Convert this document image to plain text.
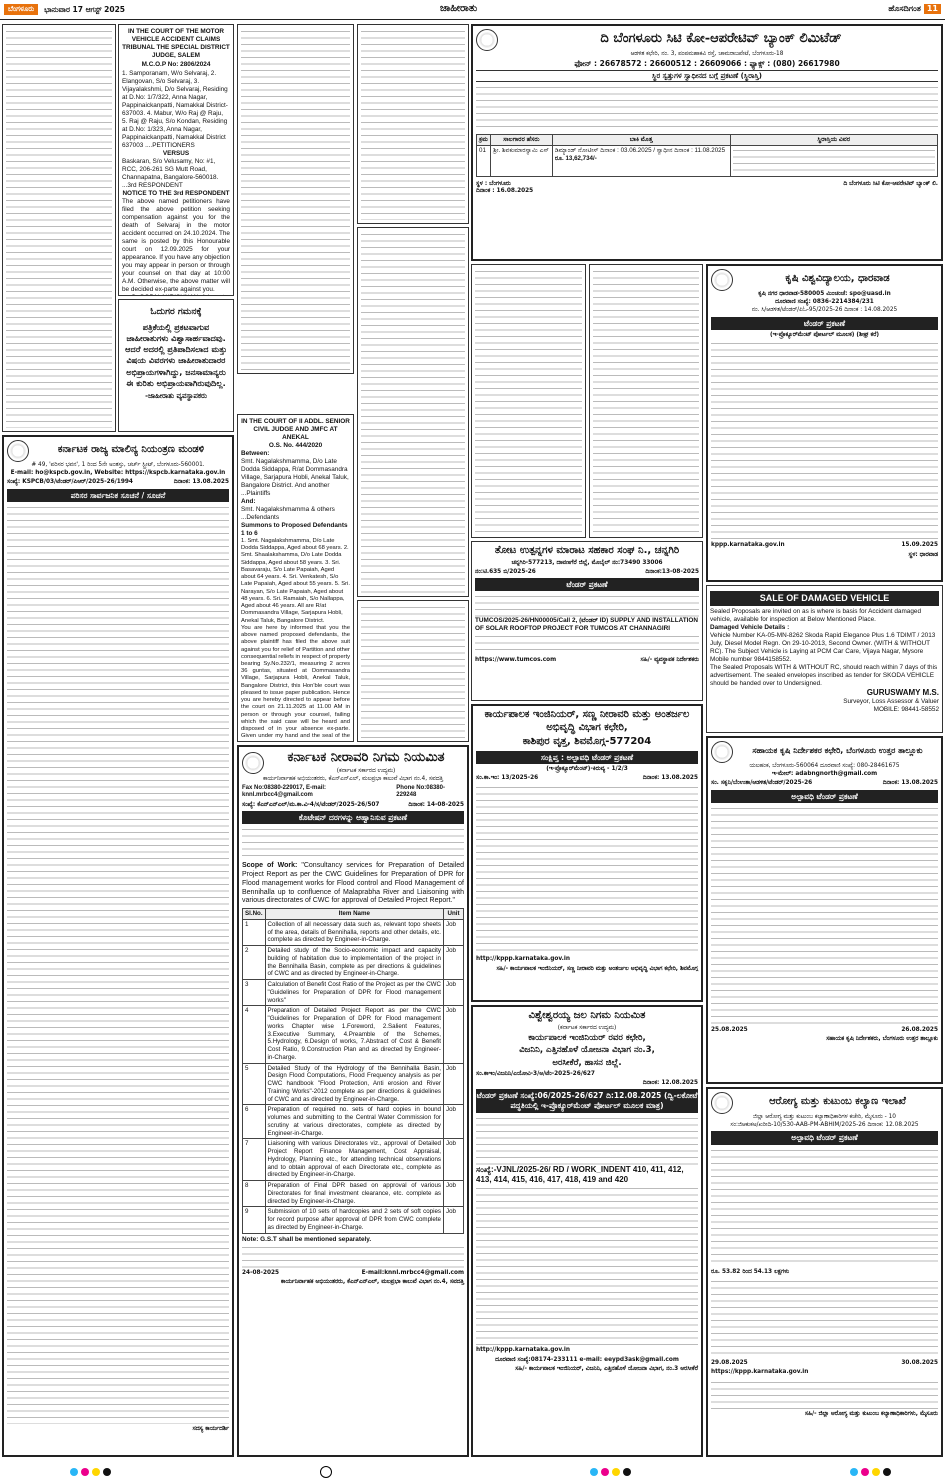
ಬೆಂಗಳೂರು	ಭಾನುವಾರ 17 ಆಗಸ್ಟ್ 2025	ಜಾಹೀರಾತು	ಹೊಸದಿಗಂತ 11
IN THE COURT OF THE MOTOR VEHICLE ACCIDENT CLAIMS TRIBUNAL THE SPECIAL DISTRICT JUDGE, SALEM
M.C.O.P No: 2806/2024
1. Samporanam, W/o Selvaraj, 2. Elangovan, S/o Selvaraj, 3. Vijayalakshmi, D/o Selvaraj, Residing at D.No: 1/7/322, Anna Nagar, Pappinaickanpatti, Namakkal District-637003. 4. Mabur, W/o Raj @ Raju, 5. Raj @ Raju, S/o Kondan, Residing at D.No: 1/323, Anna Nagar, Pappinaickanpatti, Namakkal District 637003 ....PETITIONERS
VERSUS
Baskaran, S/o Velusamy, No: #1, RCC, 206-261 SG Mutt Road, Channapatna, Bangalore-560018. ...3rd RESPONDENT
NOTICE TO THE 3rd RESPONDENT
The above named petitioners have filed the above petition seeking compensation against you for the death of Selvaraj in the motor accident occurred on 24.10.2024. The same is posted by this Honourable court on 12.09.2025 for your appearance. If you have any objection you may appear in person or through your counsel on that day at 10:00 A.M. Otherwise, the above matter will be decided ex-parte against you.
ಓದುಗರ ಗಮನಕ್ಕೆ
ಪತ್ರಿಕೆಯಲ್ಲಿ ಪ್ರಕಟವಾಗುವ ಜಾಹೀರಾತುಗಳು ವಿಶ್ವಾಸಾರ್ಹವಾದವು. ಆದರೆ ಅದರಲ್ಲಿ ಪ್ರತಿಪಾದಿಸಲಾದ ಮತ್ತು ವಿಷಯ ವಿವರಗಳು ಜಾಹೀರಾತುದಾರರ ಅಭಿಪ್ರಾಯಗಳಾಗಿದ್ದು, ಜನಸಾಮಾನ್ಯರು ಈ ಕುರಿತು ಅಭಿಪ್ರಾಯವಾಗಿರುವುದಿಲ್ಲ.
-ಜಾಹೀರಾತು ವ್ಯವಸ್ಥಾಪಕರು
ದಿ ಬೆಂಗಳೂರು ಸಿಟಿ ಕೋ-ಆಪರೇಟಿವ್ ಬ್ಯಾಂಕ್ ಲಿಮಿಟೆಡ್
ಆಡಳಿತ ಕಛೇರಿ, ನಂ. 3, ಪಂಪಮಹಾಕವಿ ರಸ್ತೆ, ಚಾಮರಾಜಪೇಟೆ, ಬೆಂಗಳೂರು-18
ಫೋನ್ : 26678572 : 26600512 : 26609066 : ಫ್ಯಾಕ್ಸ್ : (080) 26617980
ಸ್ಥಿರ ಸ್ವತ್ತುಗಳ ಸ್ವಾಧೀನದ ಬಗ್ಗೆ ಪ್ರಕಟಣೆ (ಸ್ಥಿರಾಸ್ತಿ)
ಕ್ರಮ	ಸಾಲಗಾರರ ಹೆಸರು	ಬಾಕಿ ಮೊತ್ತ	ಸ್ಥಿರಾಸ್ತಿಯ ವಿವರ
01	ಶ್ರೀ. ಶಿವಕುಮಾರಸ್ವಾಮಿ ಎಸ್	ಡಿಮ್ಯಾಂಡ್ ನೋಟೀಸ್ ದಿನಾಂಕ : 03.06.2025 / ಸ್ವಾಧೀನ ದಿನಾಂಕ : 11.08.2025
ರೂ. 13,62,734/-	

ಸ್ಥಳ : ಬೆಂಗಳೂರು
ದಿನಾಂಕ : 16.08.2025
ದಿ ಬೆಂಗಳೂರು ಸಿಟಿ ಕೋ-ಆಪರೇಟಿವ್ ಬ್ಯಾಂಕ್ ಲಿ.
ಕೃಷಿ ವಿಶ್ವವಿದ್ಯಾಲಯ, ಧಾರವಾಡ
ಕೃಷಿ ನಗರ ಧಾರವಾಡ-580005 ಮಿಂಚಂಚೆ: spo@uasd.in
ದೂರವಾಣಿ ಸಂಖ್ಯೆ: 0836-2214384/231
ನಂ. ಸಿ/ಆಡಳಿತ/ಟೆಂಡರ್/ಪಿಓ-95/2025-26 ದಿನಾಂಕ : 14.08.2025
ಟೆಂಡರ್ ಪ್ರಕಟಣೆ
(ಇ-ಪ್ರೊಕ್ಯೂರ್‌ಮೆಂಟ್ ಪೋರ್ಟಲ್ ಮೂಲಕ) (ಶೀಘ್ರ ಕರೆ)
kppp.karnataka.gov.in	15.09.2025
ಸ್ಥಳ: ಧಾರವಾಡ
SALE OF DAMAGED VEHICLE
Sealed Proposals are invited on as is where is basis for Accident damaged vehicle, available for inspection at Below Mentioned Place.
Damaged Vehicle Details :
Vehicle Number KA-05-MN-8262 Skoda Rapid Elegance Plus 1.6 TDIMT / 2013 July, Diesel Model Regn. On 29-10-2013, Second Owner. (WITH & WITHOUT RC). The Subject Vehicle is Laying at PCM Car Care, Vijaya Nagar, Mysore Mobile number 9844158552.
The Sealed Proposals WITH & WITHOUT RC, should reach within 7 days of this advertisement. The sealed envelopes inscribed as tender for SKODA VEHICLE should be handed over to Undersigned.
GURUSWAMY M.S.
Surveyor, Loss Assessor & Valuer
MOBILE: 98441-58552
ಕರ್ನಾಟಕ ರಾಜ್ಯ ಮಾಲಿನ್ಯ ನಿಯಂತ್ರಣ ಮಂಡಳಿ
# 49, 'ಪರಿಸರ ಭವನ', 1 ರಿಂದ 5ನೇ ಅಂತಸ್ತು, ಚರ್ಚ್ ಸ್ಟ್ರೀಟ್, ಬೆಂಗಳೂರು-560001.
E-mail: ho@kspcb.gov.in, Website: https://kspcb.karnataka.gov.in
ಸಂಖ್ಯೆ: KSPCB/03/ಟೆಂಡರ್/ಪಿಆರ್/2025-26/1994	ದಿನಾಂಕ: 13.08.2025
ಪರಿಸರ ಸಾರ್ವಜನಿಕ ಸೂಚನೆ / ಸೂಚನೆ
ಸದಸ್ಯ ಕಾರ್ಯದರ್ಶಿ
IN THE COURT OF II ADDL. SENIOR CIVIL JUDGE AND JMFC AT ANEKAL
O.S. No. 444/2020
Between:
Smt. Nagalakshmamma, D/o Late Dodda Siddappa, R/at Dommasandra Village, Sarjapura Hobli, Anekal Taluk, Bangalore District. And another ...Plaintiffs
And:
Smt. Nagalakshmamma & others ...Defendants
Summons to Proposed Defendants 1 to 6
1. Smt. Nagalakshmamma, D/o Late Dodda Siddappa, Aged about 68 years. 2. Smt. Shaalakshamma, D/o Late Dodda Siddappa, Aged about 58 years. 3. Sri. Basavaraju, S/o Late Papaiah, Aged about 64 years. 4. Sri. Venkatesh, S/o Late Papaiah, Aged about 55 years. 5. Sri. Narayan, S/o Late Papaiah, Aged about 48 years. 6. Sri. Ramaiah, S/o Nallappa, Aged about 46 years. All are R/at Dommasandra Village, Sarjapura Hobli, Anekal Taluk, Bangalore District.
You are here by informed that you the above named proposed defendants, the above plaintiff has filed the above suit against you for relief of Partition and other consequential reliefs in respect of property bearing Sy.No.232/1, measuring 2 acres 36 guntas, situated at Dommasandra Village, Sarjapura Hobli, Anekal Taluk, Bangalore District, this Hon'ble court was pleased to issue paper publication. Hence you are hereby directed to appear before the court on 21.11.2025 at 11.00 AM in person or through your counsel, failing which the said case will be heard and disposed of in your absence ex-parte. Given under my hand and the seal of the
ತೋಟ ಉತ್ಪನ್ನಗಳ ಮಾರಾಟ ಸಹಕಾರ ಸಂಘ ನಿ., ಚನ್ನಗಿರಿ
ಚನ್ನಗಿರಿ-577213, ದಾವಣಗೆರೆ ಜಿಲ್ಲೆ, ಮೊಬೈಲ್ ನಂ:73490 33006
ನಂ:ಟಿ.635 ಬಿ/2025-26	ದಿನಾಂಕ:13-08-2025
ಟೆಂಡರ್ ಪ್ರಕಟಣೆ
TUMCOS/2025-26/HN00005/Call 2, (ಟೆಂಡರ್ ID) SUPPLY AND INSTALLATION OF SOLAR ROOFTOP PROJECT FOR TUMCOS AT CHANNAGIRI
https://www.tumcos.com	ಸಹಿ/- ವ್ಯವಸ್ಥಾಪಕ ನಿರ್ದೇಶಕರು
ಕಾರ್ಯಪಾಲಕ ಇಂಜಿನಿಯರ್, ಸಣ್ಣ ನೀರಾವರಿ ಮತ್ತು ಅಂತರ್ಜಲ ಅಭಿವೃದ್ಧಿ ವಿಭಾಗ ಕಛೇರಿ,
ಕಾಶಿಪುರ ವೃತ್ತ, ಶಿವಮೊಗ್ಗ-577204
ಸಂಕ್ಷಿಪ್ತ : ಅಲ್ಪಾವಧಿ ಟೆಂಡರ್ ಪ್ರಕಟಣೆ
(ಇ-ಪ್ರೊಕ್ಯೂರ್‌ಮೆಂಟ್)-ಕಿರುವ್ಯ - 1/2/3
ಸಂ.ಕಾ.ಇಂ: 13/2025-26	ದಿನಾಂಕ: 13.08.2025
http://kppp.karnataka.gov.in
ಸಹಿ/- ಕಾರ್ಯಪಾಲಕ ಇಂಜಿನಿಯರ್, ಸಣ್ಣ ನೀರಾವರಿ ಮತ್ತು ಅಂತರ್ಜಲ ಅಭಿವೃದ್ಧಿ ವಿಭಾಗ ಕಛೇರಿ, ಶಿವಮೊಗ್ಗ
ಸಹಾಯಕ ಕೃಷಿ ನಿರ್ದೇಶಕರ ಕಛೇರಿ, ಬೆಂಗಳೂರು ಉತ್ತರ ತಾಲ್ಲೂಕು
ಯಲಹಂಕ, ಬೆಂಗಳೂರು-560064 ದೂರವಾಣಿ ಸಂಖ್ಯೆ: 080-28461675
ಇ-ಮೇಲ್: adabngnorth@gmail.com
ಸಂ. ಸಕೃನಿ/ಬೆಂಉತಾ/ಆಡಳಿತ/ಟೆಂಡರ್/2025-26	ದಿನಾಂಕ: 13.08.2025
ಅಲ್ಪಾವಧಿ ಟೆಂಡರ್ ಪ್ರಕಟಣೆ
25.08.2025	26.08.2025
ಸಹಾಯಕ ಕೃಷಿ ನಿರ್ದೇಶಕರು, ಬೆಂಗಳೂರು ಉತ್ತರ ತಾಲ್ಲೂಕು
ಕರ್ನಾಟಕ ನೀರಾವರಿ ನಿಗಮ ನಿಯಮಿತ
(ಕರ್ನಾಟಕ ಸರ್ಕಾರದ ಉದ್ಯಮ)
ಕಾರ್ಯನಿರ್ವಾಹಕ ಅಭಿಯಂತರರು, ಕೆಎನ್‌ಎನ್‌ಎಲ್, ಮಲಪ್ರಭಾ ಕಾಲುವೆ ವಿಭಾಗ ನಂ.4, ಸವದತ್ತಿ
Fax No:08380-229017, E-mail: knnl.mrbcc4@gmail.com
Phone No:08380-229248
ಸಂಖ್ಯೆ: ಕೆಎನ್‌ಎನ್‌ಎಲ್/ಮ.ಕಾ.ವಿ-4/ಸ/ಟೆಂಡರ್/2025-26/507	ದಿನಾಂಕ: 14-08-2025
ಕೊಟೇಷನ್ ದರಗಳನ್ನು ಆಹ್ವಾನಿಸುವ ಪ್ರಕಟಣೆ
Scope of Work: "Consultancy services for Preparation of Detailed Project Report as per the CWC Guidelines for Preparation of DPR for Flood management works for Flood control and Flood Management of Bennihalla up to confluence of Malaprabha River and Liaisoning with various directorates of CWC for approval of Detailed Project Report."
Sl.No.	Item Name	Unit
1	Collection of all necessary data such as, relevant topo sheets of the area, details of Bennihalla, reports and other details, etc. complete as directed by Engineer-in-Charge.	Job
2	Detailed study of the Socio-economic impact and capacity building of habitation due to implementation of the project in the Bennihalla Basin, complete as per directions & guidelines of CWC and as directed by Engineer-in-Charge.	Job
3	Calculation of Benefit Cost Ratio of the Project as per the CWC "Guidelines for Preparation of DPR for Flood management works"	Job
4	Preparation of Detailed Project Report as per the CWC "Guidelines for Preparation of DPR for Flood management works Chapter wise 1.Foreword, 2.Salient Features, 3.Executive Summary, 4.Preamble of the Schemes, 5.Hydrology, 6.Design of works, 7.Abstract of Cost & Benefit Cost Ratio, 9.Construction Plan and as directed by Engineer-in-Charge.	Job
5	Detailed Study of the Hydrology of the Bennihalla Basin, Design Flood Computations, Flood Frequency analysis as per CWC handbook "Flood Protection, Anti erosion and River Training Works"-2012 complete as per directions & guidelines of CWC and as directed by Engineer-in-Charge.	Job
6	Preparation of required no. sets of hard copies in bound volumes and submitting to the Central Water Commission for scrutiny at various directorates, complete as directed by Engineer-in-Charge.	Job
7	Liaisoning with various Directorates viz., approval of Detailed Project Report Finance Management, Cost Appraisal, Hydrology, Planning etc., for attending technical observations and to obtain approval of each Directorate etc., complete as directed by Engineer-in-Charge.	Job
8	Preparation of Final DPR based on approval of various Directorates for final investment clearance, etc. complete as directed by Engineer-in-Charge.	Job
9	Submission of 10 sets of hardcopies and 2 sets of soft copies for record purpose after approval of DPR from CWC complete as directed by Engineer-in-Charge.	Job
Note: G.S.T shall be mentioned separately.
24-08-2025	E-mail:knnl.mrbcc4@gmail.com
ಕಾರ್ಯನಿರ್ವಾಹಕ ಅಭಿಯಂತರರು, ಕೆಎನ್‌ಎನ್‌ಎಲ್, ಮಲಪ್ರಭಾ ಕಾಲುವೆ ವಿಭಾಗ ನಂ.4, ಸವದತ್ತಿ
ವಿಶ್ವೇಶ್ವರಯ್ಯ ಜಲ ನಿಗಮ ನಿಯಮಿತ
(ಕರ್ನಾಟಕ ಸರ್ಕಾರದ ಉದ್ಯಮ)
ಕಾರ್ಯಪಾಲಕ ಇಂಜಿನಿಯರ್ ರವರ ಕಛೇರಿ,
ವಿಜನಿನಿ, ಎತ್ತಿನಹೊಳೆ ಯೋಜನಾ ವಿಭಾಗ ನಂ.3,
ಅರಸೀಕೆರೆ, ಹಾಸನ ಜಿಲ್ಲೆ.
ಸಂ.ಕಾಇಂ/ವಿಜನಿನಿ/ಎಯೋವಿ-3/ಅ/ಟೆಂ-2025-26/627
ದಿನಾಂಕ: 12.08.2025
ಟೆಂಡರ್ ಪ್ರಕಟಣೆ ಸಂಖ್ಯೆ:06/2025-26/627 ದಿ:12.08.2025 (ದ್ವಿ-ಲಕೋಟೆ ಪದ್ಧತಿಯಲ್ಲಿ ಇ-ಪ್ರೊಕ್ಯೂರ್‌ಮೆಂಟ್ ಪೋರ್ಟಲ್ ಮೂಲಕ ಮಾತ್ರ)
ಸಂಖ್ಯೆ:-VJNL/2025-26/ RD / WORK_INDENT 410, 411, 412, 413, 414, 415, 416, 417, 418, 419 and 420
http://kppp.karnataka.gov.in
ದೂರವಾಣಿ ಸಂಖ್ಯೆ:08174-233111 e-mail: eeypd3ask@gmail.com
ಸಹಿ/- ಕಾರ್ಯಪಾಲಕ ಇಂಜಿನಿಯರ್, ವಿಜನಿನಿ, ಎತ್ತಿನಹೊಳೆ ಯೋಜನಾ ವಿಭಾಗ, ನಂ.3 ಅರಸೀಕೆರೆ
ಆರೋಗ್ಯ ಮತ್ತು ಕುಟುಂಬ ಕಲ್ಯಾಣ ಇಲಾಖೆ
ಜಿಲ್ಲಾ ಆರೋಗ್ಯ ಮತ್ತು ಕುಟುಂಬ ಕಲ್ಯಾಣಾಧಿಕಾರಿಗಳ ಕಚೇರಿ, ಮೈಸೂರು - 10
ಸಂ:ಜಿಆಕುಕಅ/ಖರೀದಿ-10/530-AAB-PM-ABHIM/2025-26 ದಿನಾಂಕ: 12.08.2025
ಅಲ್ಪಾವಧಿ ಟೆಂಡರ್ ಪ್ರಕಟಣೆ
ರೂ. 53.82 ರಿಂದ 54.13 ಲಕ್ಷಗಳು
29.08.2025	30.08.2025
https://kppp.karnataka.gov.in
ಸಹಿ/- ಜಿಲ್ಲಾ ಆರೋಗ್ಯ ಮತ್ತು ಕುಟುಂಬ ಕಲ್ಯಾಣಾಧಿಕಾರಿಗಳು, ಮೈಸೂರು
